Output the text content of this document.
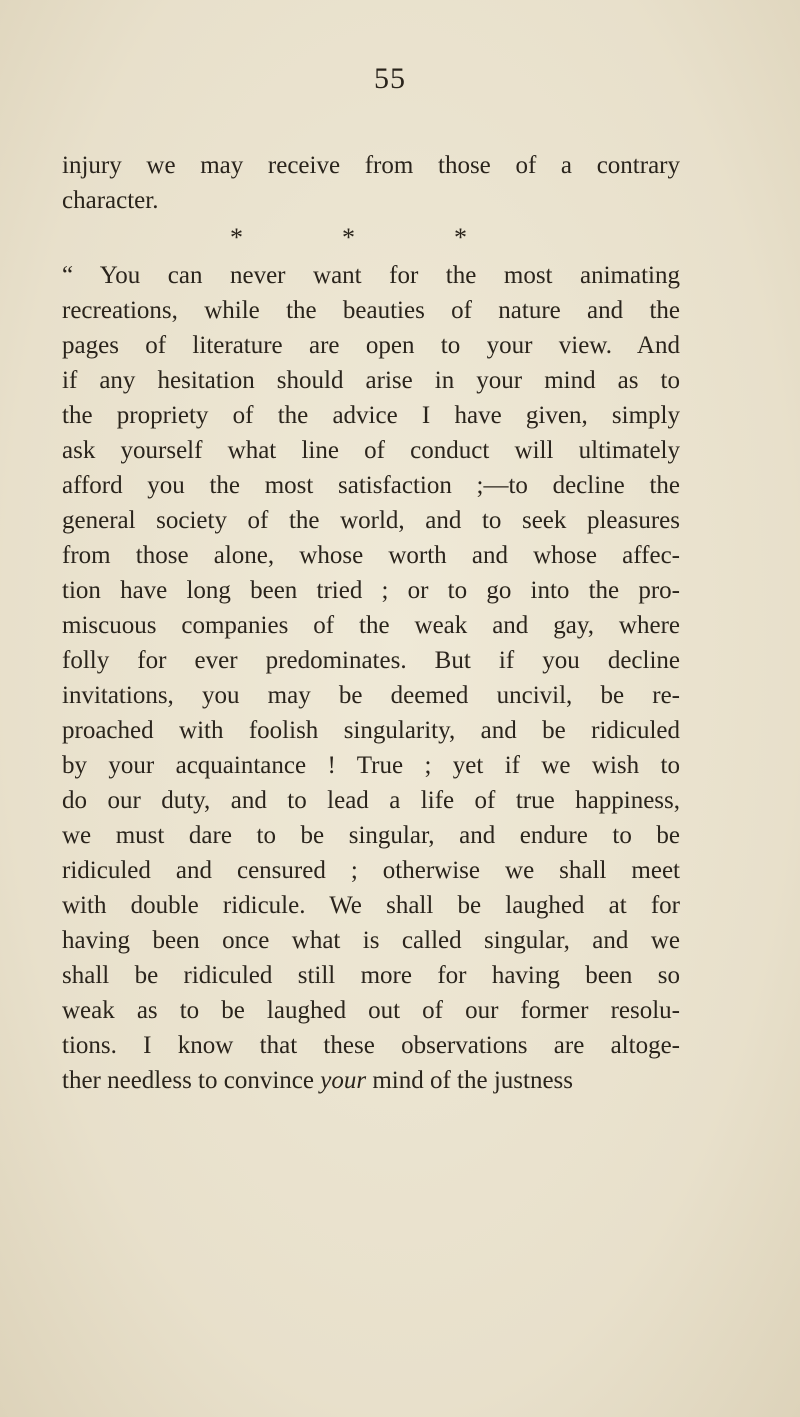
55
injury we may receive from those of a contrary
character.
*	*	*
“ You can never want for the most animating
recreations, while the beauties of nature and the
pages of literature are open to your view. And
if any hesitation should arise in your mind as to
the propriety of the advice I have given, simply
ask yourself what line of conduct will ultimately
afford you the most satisfaction ;—to decline the
general society of the world, and to seek pleasures
from those alone, whose worth and whose affec-
tion have long been tried ; or to go into the pro-
miscuous companies of the weak and gay, where
folly for ever predominates. But if you decline
invitations, you may be deemed uncivil, be re-
proached with foolish singularity, and be ridiculed
by your acquaintance ! True ; yet if we wish to
do our duty, and to lead a life of true happiness,
we must dare to be singular, and endure to be
ridiculed and censured ; otherwise we shall meet
with double ridicule. We shall be laughed at for
having been once what is called singular, and we
shall be ridiculed still more for having been so
weak as to be laughed out of our former resolu-
tions. I know that these observations are altoge-
ther needless to convince your mind of the justness
